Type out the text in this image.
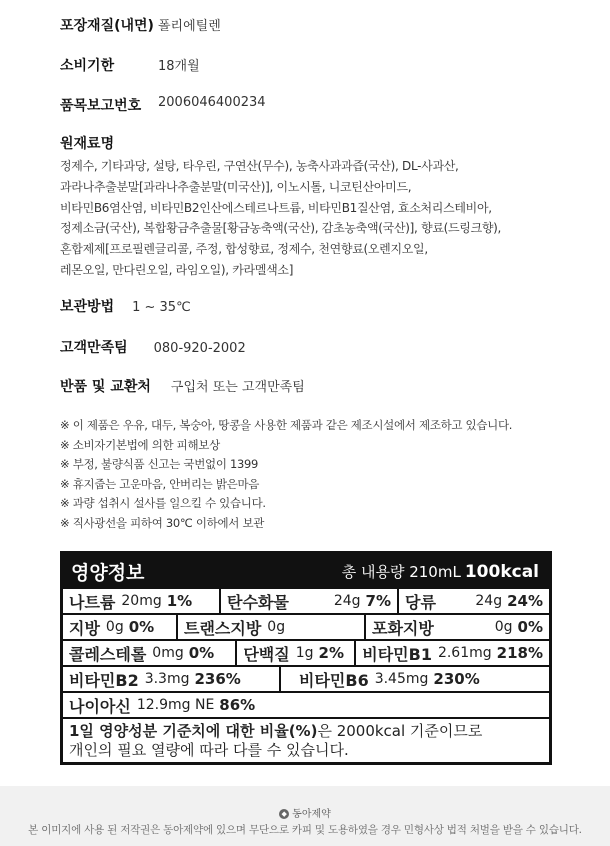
포장재질(내면) 폴리에틸렌
소비기한	18개월
품목보고번호 2006046400234
원재료명
정제수, 기타과당, 설탕, 타우린, 구연산(무수), 농축사과과즙(국산), DL-사과산,
과라나추출분말[과라나추출분말(미국산)], 이노시톨, 니코틴산아미드,
비타민B6염산염, 비타민B2인산에스테르나트륨, 비타민B1질산염, 효소처리스테비아,
정제소금(국산), 복합황금추출물[황금농축액(국산), 감초농축액(국산)], 향료(드링크향),
혼합제제[프로필렌글리콜, 주정, 합성향료, 정제수, 천연향료(오렌지오일,
레몬오일, 만다린오일, 라임오일), 카라멜색소]
보관방법 1 ~ 35℃
고객만족팀 080-920-2002
반품 및 교환처 구입처 또는 고객만족팀
※ 이 제품은 우유, 대두, 복숭아, 땅콩을 사용한 제품과 같은 제조시설에서 제조하고 있습니다.
※ 소비자기본법에 의한 피해보상
※ 부정, 불량식품 신고는 국번없이 1399
※ 휴지줍는 고운마음, 안버리는 밝은마음
※ 과량 섭취시 설사를 일으킬 수 있습니다.
※ 직사광선을 피하여 30℃ 이하에서 보관
영양정보	총 내용량 210mL 100kcal
나트륨 20mg 1% 탄수화물	24g 7% 당류	24g 24%
지방 0g 0% 트랜스지방 0g	포화지방	0g 0%
콜레스테롤 0mg 0% 단백질 1g 2% 비타민B1 2.61mg 218%
비타민B2 3.3mg 236%	비타민B6 3.45mg 230%
나이아신 12.9mg NE 86%
1일 영양성분 기준치에 대한 비율(%)은 2000kcal 기준이므로
개인의 필요 열량에 따라 다를 수 있습니다.
◆ 동아제약
본 이미지에 사용 된 저작권은 동아제약에 있으며 무단으로 카피 및 도용하였을 경우 민형사상 법적 처벌을 받을 수 있습니다.
